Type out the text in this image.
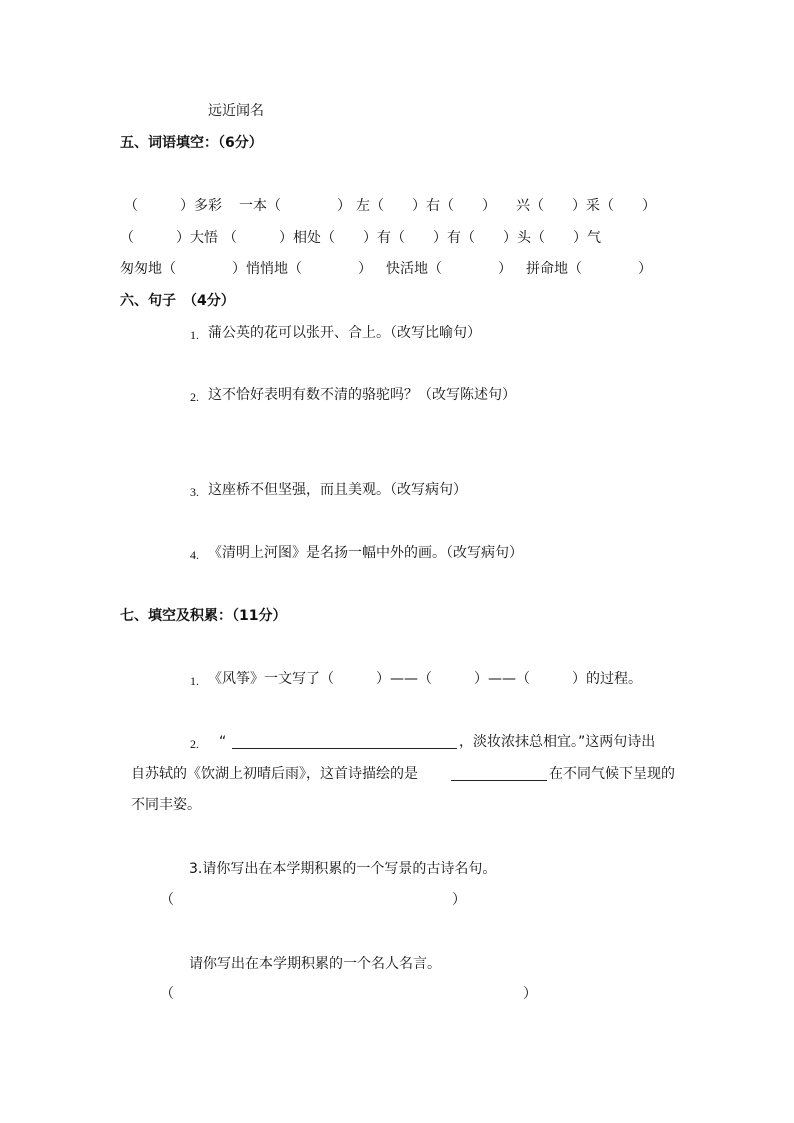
远近闻名
五、词语填空：（6分）
（　　　）多彩 一本（　　　　） 左（　　）右（　　） 兴（　　）采（　　）
（　　　）大悟 （　　　）相处（　　）有（　　）有（　　）头（　　）气
匆匆地（　　　　） 悄悄地（　　　　） 快活地（　　　　） 拼命地（　　　　）
六、句子　（4分）
1. 蒲公英的花可以张开、合上。（改写比喻句）
2. 这不恰好表明有数不清的骆驼吗？（改写陈述句）
3. 这座桥不但坚强，而且美观。（改写病句）
4. 《清明上河图》是名扬一幅中外的画。（改写病句）
七、填空及积累：（11分）
1. 《风筝》一文写了（　　　）——（　　　）——（　　　）的过程。
2. “	，淡妆浓抹总相宜。”这两句诗出
自苏轼的《饮湖上初晴后雨》，这首诗描绘的是	在不同气候下呈现的
不同丰姿。
3.请你写出在本学期积累的一个写景的古诗名句。
（	）
请你写出在本学期积累的一个名人名言。
（	）
